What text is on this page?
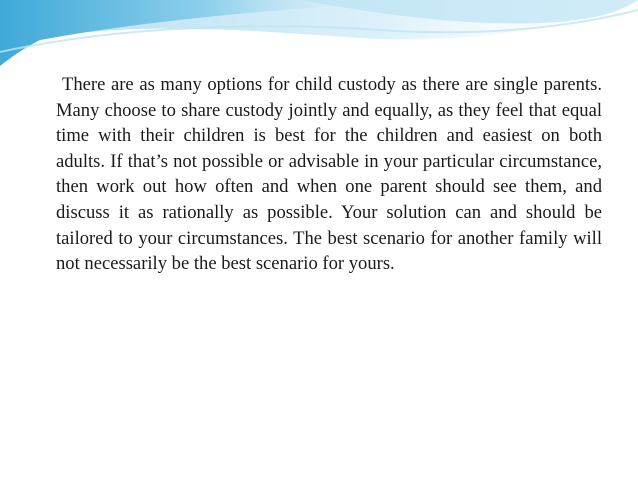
There are as many options for child custody as there are single parents. Many choose to share custody jointly and equally, as they feel that equal time with their children is best for the children and easiest on both adults. If that’s not possible or advisable in your particular circumstance, then work out how often and when one parent should see them, and discuss it as rationally as possible. Your solution can and should be tailored to your circumstances. The best scenario for another family will not necessarily be the best scenario for yours.
